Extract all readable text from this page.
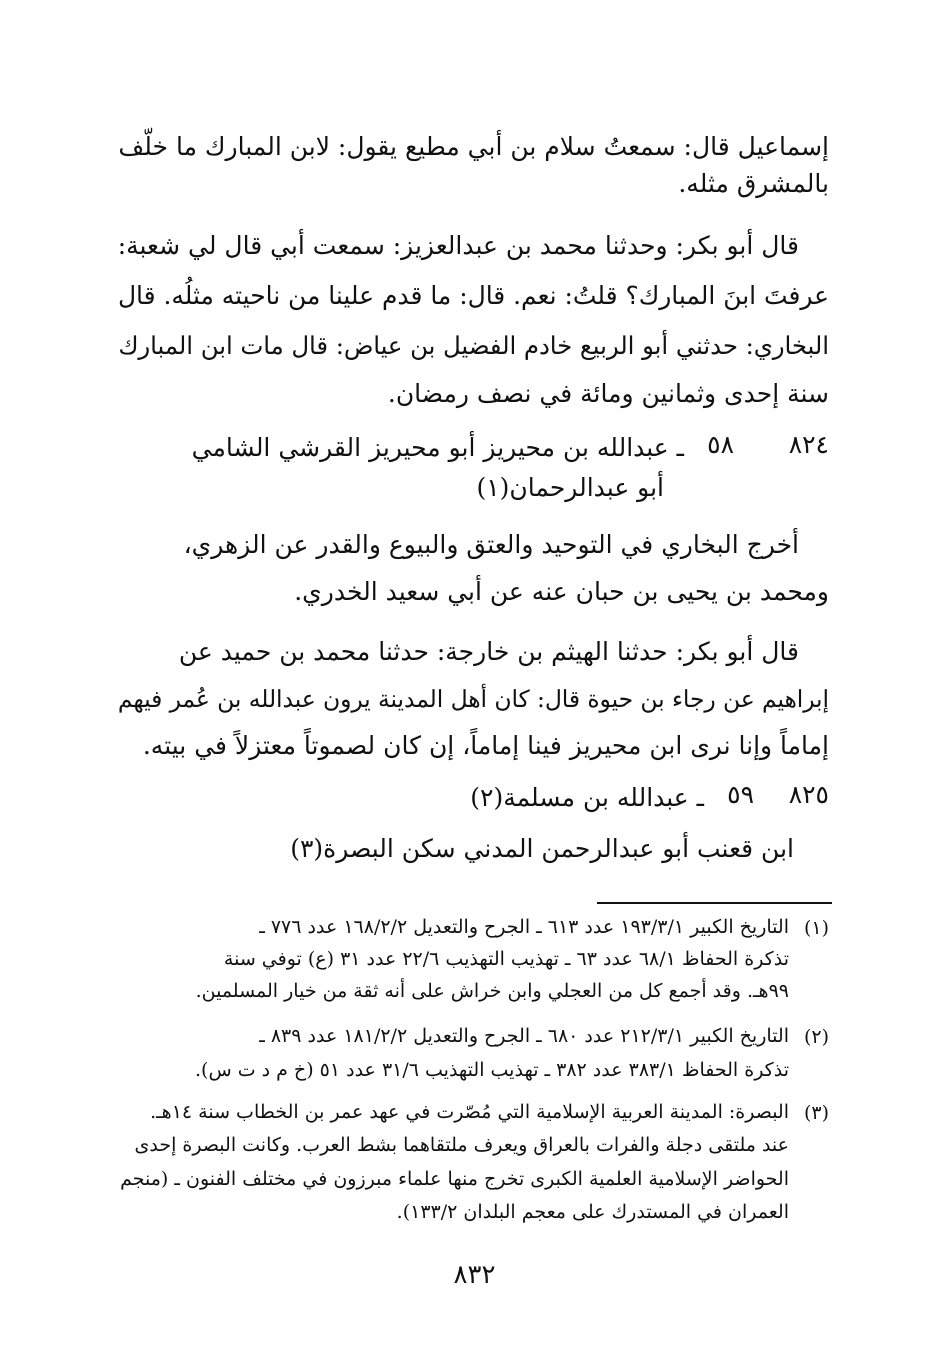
إسماعيل قال: سمعتُ سلام بن أبي مطيع يقول: لابن المبارك ما خلّف
بالمشرق مثله.
قال أبو بكر: وحدثنا محمد بن عبدالعزيز: سمعت أبي قال لي شعبة:
عرفتَ ابنَ المبارك؟ قلتُ: نعم. قال: ما قدم علينا من ناحيته مثلُه. قال
البخاري: حدثني أبو الربيع خادم الفضيل بن عياض: قال مات ابن المبارك
سنة إحدى وثمانين ومائة في نصف رمضان.
٨٢٤
٥٨
ـ عبدالله بن محيريز أبو محيريز القرشي الشامي
أبو عبدالرحمان(١)
أخرج البخاري في التوحيد والعتق والبيوع والقدر عن الزهري،
ومحمد بن يحيى بن حبان عنه عن أبي سعيد الخدري.
قال أبو بكر: حدثنا الهيثم بن خارجة: حدثنا محمد بن حميد عن
إبراهيم عن رجاء بن حيوة قال: كان أهل المدينة يرون عبدالله بن عُمر فيهم
إماماً وإنا نرى ابن محيريز فينا إماماً، إن كان لصموتاً معتزلاً في بيته.
٨٢٥
٥٩
ـ عبدالله بن مسلمة(٢)
ابن قعنب أبو عبدالرحمن المدني سكن البصرة(٣)
(١)
التاريخ الكبير ١٩٣/٣/١ عدد ٦١٣ ـ الجرح والتعديل ١٦٨/٢/٢ عدد ٧٧٦ ـ
تذكرة الحفاظ ٦٨/١ عدد ٦٣ ـ تهذيب التهذيب ٢٢/٦ عدد ٣١ (ع) توفي سنة
٩٩هـ. وقد أجمع كل من العجلي وابن خراش على أنه ثقة من خيار المسلمين.
(٢)
التاريخ الكبير ٢١٢/٣/١ عدد ٦٨٠ ـ الجرح والتعديل ١٨١/٢/٢ عدد ٨٣٩ ـ
تذكرة الحفاظ ٣٨٣/١ عدد ٣٨٢ ـ تهذيب التهذيب ٣١/٦ عدد ٥١ (خ م د ت س).
(٣)
البصرة: المدينة العربية الإسلامية التي مُصّرت في عهد عمر بن الخطاب سنة ١٤هـ.
عند ملتقى دجلة والفرات بالعراق ويعرف ملتقاهما بشط العرب. وكانت البصرة إحدى
الحواضر الإسلامية العلمية الكبرى تخرج منها علماء مبرزون في مختلف الفنون ـ (منجم
العمران في المستدرك على معجم البلدان ١٣٣/٢).
٨٣٢
